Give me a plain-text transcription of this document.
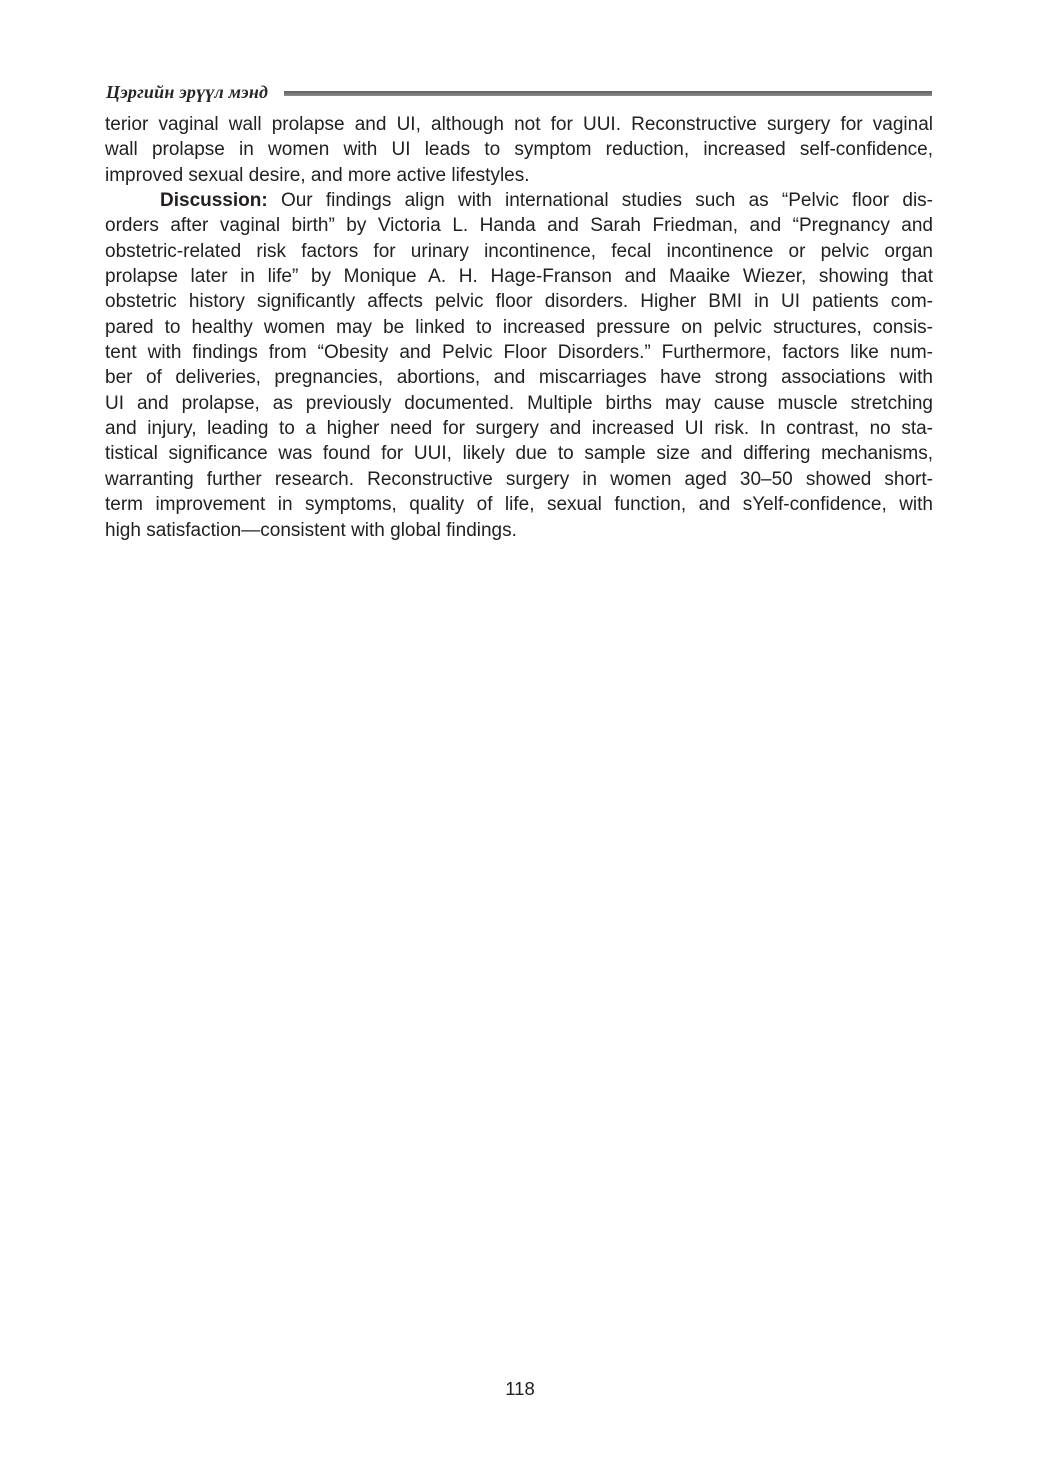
Цэргийн эрүүл мэнд
terior vaginal wall prolapse and UI, although not for UUI. Reconstructive surgery for vaginal
wall prolapse in women with UI leads to symptom reduction, increased self-confidence,
improved sexual desire, and more active lifestyles.
Discussion: Our findings align with international studies such as “Pelvic floor dis-
orders after vaginal birth” by Victoria L. Handa and Sarah Friedman, and “Pregnancy and
obstetric-related risk factors for urinary incontinence, fecal incontinence or pelvic organ
prolapse later in life” by Monique A. H. Hage-Franson and Maaike Wiezer, showing that
obstetric history significantly affects pelvic floor disorders. Higher BMI in UI patients com-
pared to healthy women may be linked to increased pressure on pelvic structures, consis-
tent with findings from “Obesity and Pelvic Floor Disorders.” Furthermore, factors like num-
ber of deliveries, pregnancies, abortions, and miscarriages have strong associations with
UI and prolapse, as previously documented. Multiple births may cause muscle stretching
and injury, leading to a higher need for surgery and increased UI risk. In contrast, no sta-
tistical significance was found for UUI, likely due to sample size and differing mechanisms,
warranting further research. Reconstructive surgery in women aged 30–50 showed short-
term improvement in symptoms, quality of life, sexual function, and sYelf-confidence, with
high satisfaction—consistent with global findings.
118
